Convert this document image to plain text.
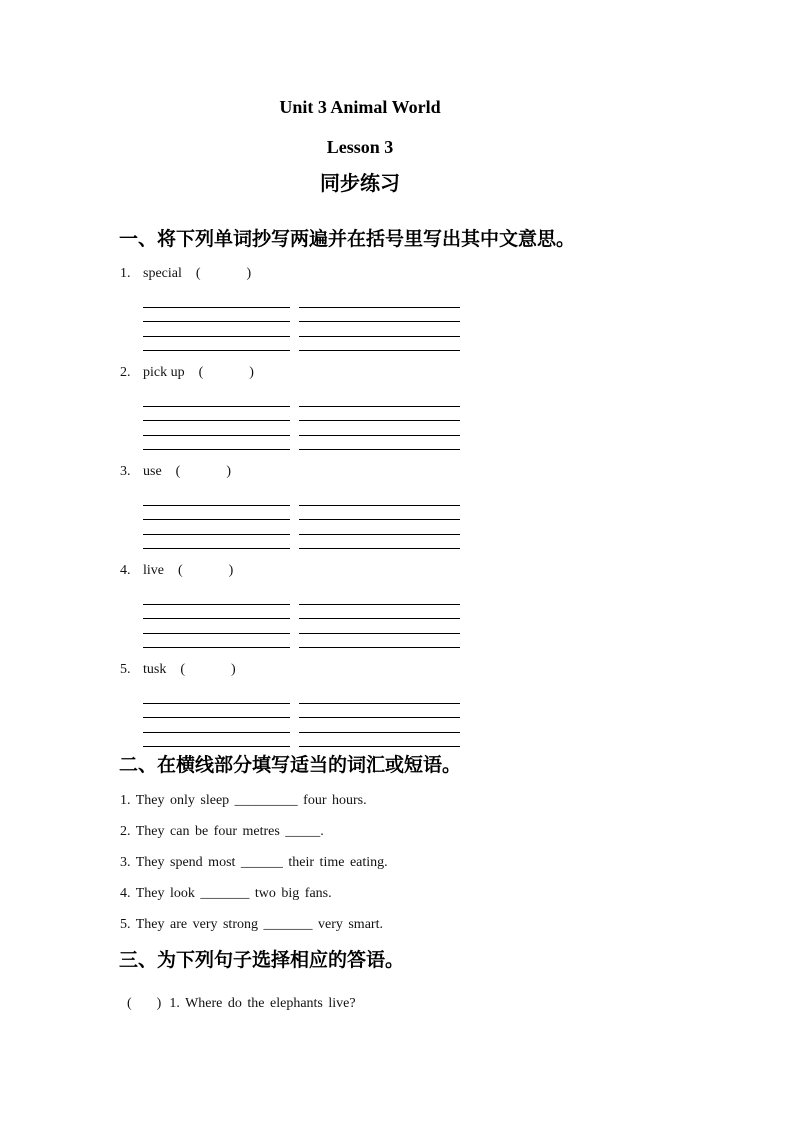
Unit 3 Animal World
Lesson 3
同步练习
一、将下列单词抄写两遍并在括号里写出其中文意思。
1. special (	)
2. pick up (	)
3. use (	)
4. live (	)
5. tusk (	)
二、在横线部分填写适当的词汇或短语。
1. They only sleep _________ four hours.
2. They can be four metres _____.
3. They spend most ______ their time eating.
4. They look _______ two big fans.
5. They are very strong _______ very smart.
三、为下列句子选择相应的答语。
( ) 1. Where do the elephants live?
